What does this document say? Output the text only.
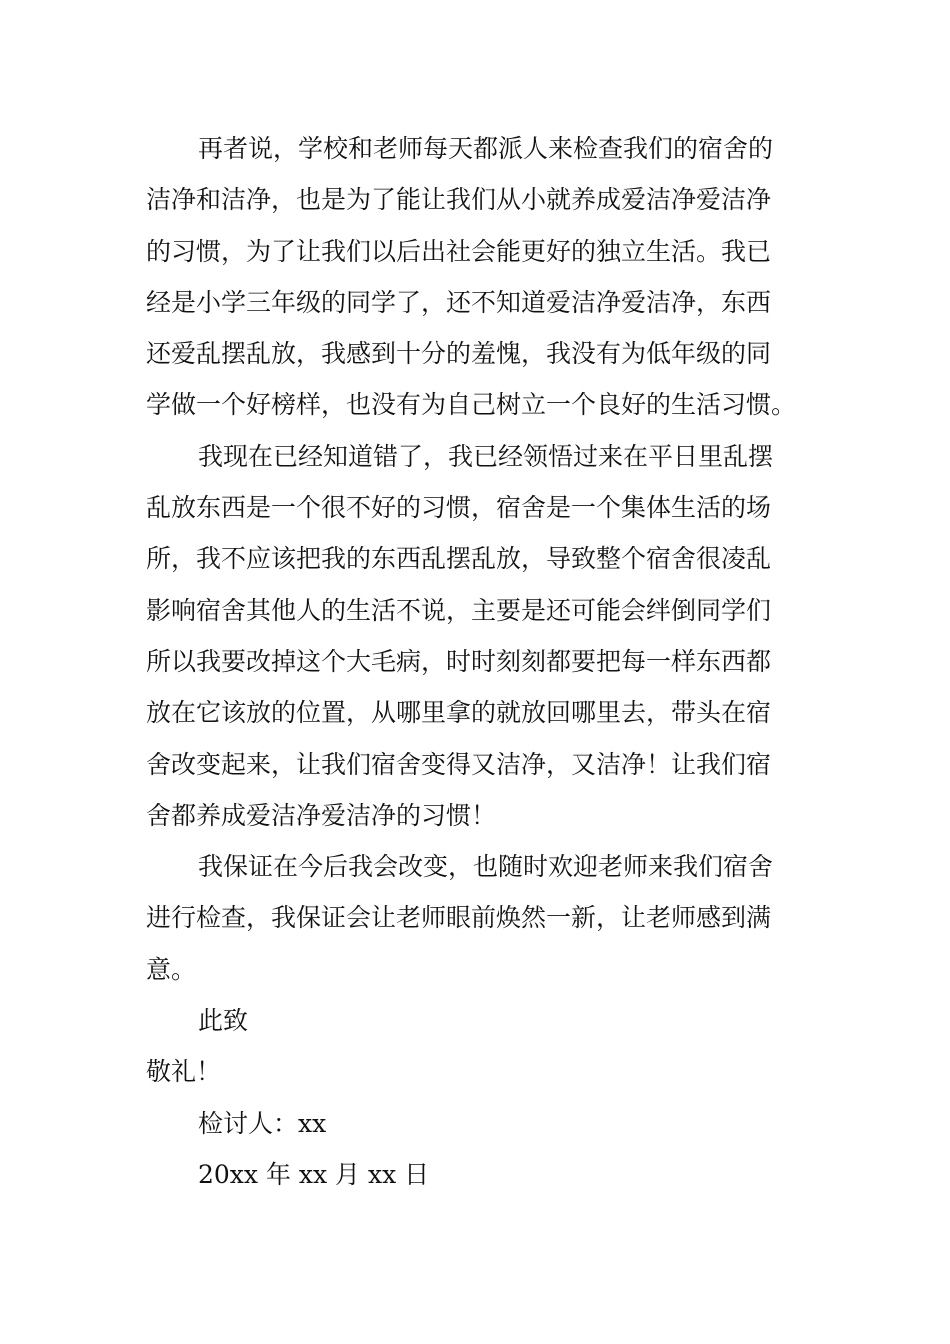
再者说，学校和老师每天都派人来检查我们的宿舍的
洁净和洁净，也是为了能让我们从小就养成爱洁净爱洁净
的习惯，为了让我们以后出社会能更好的独立生活。我已
经是小学三年级的同学了，还不知道爱洁净爱洁净，东西
还爱乱摆乱放，我感到十分的羞愧，我没有为低年级的同
学做一个好榜样，也没有为自己树立一个良好的生活习惯。
我现在已经知道错了，我已经领悟过来在平日里乱摆
乱放东西是一个很不好的习惯，宿舍是一个集体生活的场
所，我不应该把我的东西乱摆乱放，导致整个宿舍很凌乱
影响宿舍其他人的生活不说，主要是还可能会绊倒同学们
所以我要改掉这个大毛病，时时刻刻都要把每一样东西都
放在它该放的位置，从哪里拿的就放回哪里去，带头在宿
舍改变起来，让我们宿舍变得又洁净，又洁净！让我们宿
舍都养成爱洁净爱洁净的习惯！
我保证在今后我会改变，也随时欢迎老师来我们宿舍
进行检查，我保证会让老师眼前焕然一新，让老师感到满
意。
此致
敬礼！
检讨人：xx
20xx 年 xx 月 xx 日
